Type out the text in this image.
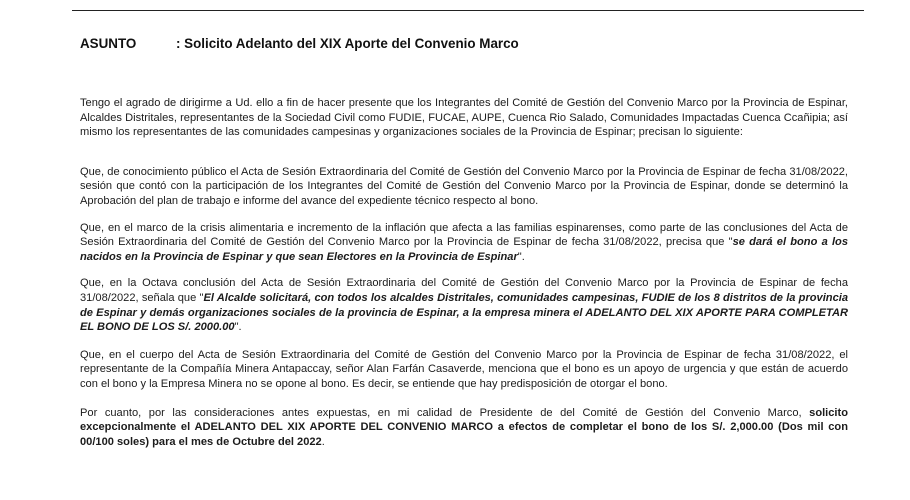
ASUNTO	: Solicito Adelanto del XIX Aporte del Convenio Marco

Tengo el agrado de dirigirme a Ud. ello a fin de hacer presente que los Integrantes del Comité de Gestión del Convenio Marco por la Provincia de Espinar, Alcaldes Distritales, representantes de la Sociedad Civil como FUDIE, FUCAE, AUPE, Cuenca Rio Salado, Comunidades Impactadas Cuenca Ccañipia; así mismo los representantes de las comunidades campesinas y organizaciones sociales de la Provincia de Espinar; precisan lo siguiente:

Que, de conocimiento público el Acta de Sesión Extraordinaria del Comité de Gestión del Convenio Marco por la Provincia de Espinar de fecha 31/08/2022, sesión que contó con la participación de los Integrantes del Comité de Gestión del Convenio Marco por la Provincia de Espinar, donde se determinó la Aprobación del plan de trabajo e informe del avance del expediente técnico respecto al bono.

Que, en el marco de la crisis alimentaria e incremento de la inflación que afecta a las familias espinarenses, como parte de las conclusiones del Acta de Sesión Extraordinaria del Comité de Gestión del Convenio Marco por la Provincia de Espinar de fecha 31/08/2022, precisa que "se dará el bono a los nacidos en la Provincia de Espinar y que sean Electores en la Provincia de Espinar".

Que, en la Octava conclusión del Acta de Sesión Extraordinaria del Comité de Gestión del Convenio Marco por la Provincia de Espinar de fecha 31/08/2022, señala que "El Alcalde solicitará, con todos los alcaldes Distritales, comunidades campesinas, FUDIE de los 8 distritos de la provincia de Espinar y demás organizaciones sociales de la provincia de Espinar, a la empresa minera el ADELANTO DEL XIX APORTE PARA COMPLETAR EL BONO DE LOS S/. 2000.00".

Que, en el cuerpo del Acta de Sesión Extraordinaria del Comité de Gestión del Convenio Marco por la Provincia de Espinar de fecha 31/08/2022, el representante de la Compañía Minera Antapaccay, señor Alan Farfán Casaverde, menciona que el bono es un apoyo de urgencia y que están de acuerdo con el bono y la Empresa Minera no se opone al bono. Es decir, se entiende que hay predisposición de otorgar el bono.

Por cuanto, por las consideraciones antes expuestas, en mi calidad de Presidente de del Comité de Gestión del Convenio Marco, solicito excepcionalmente el ADELANTO DEL XIX APORTE DEL CONVENIO MARCO a efectos de completar el bono de los S/. 2,000.00 (Dos mil con 00/100 soles) para el mes de Octubre del 2022.
